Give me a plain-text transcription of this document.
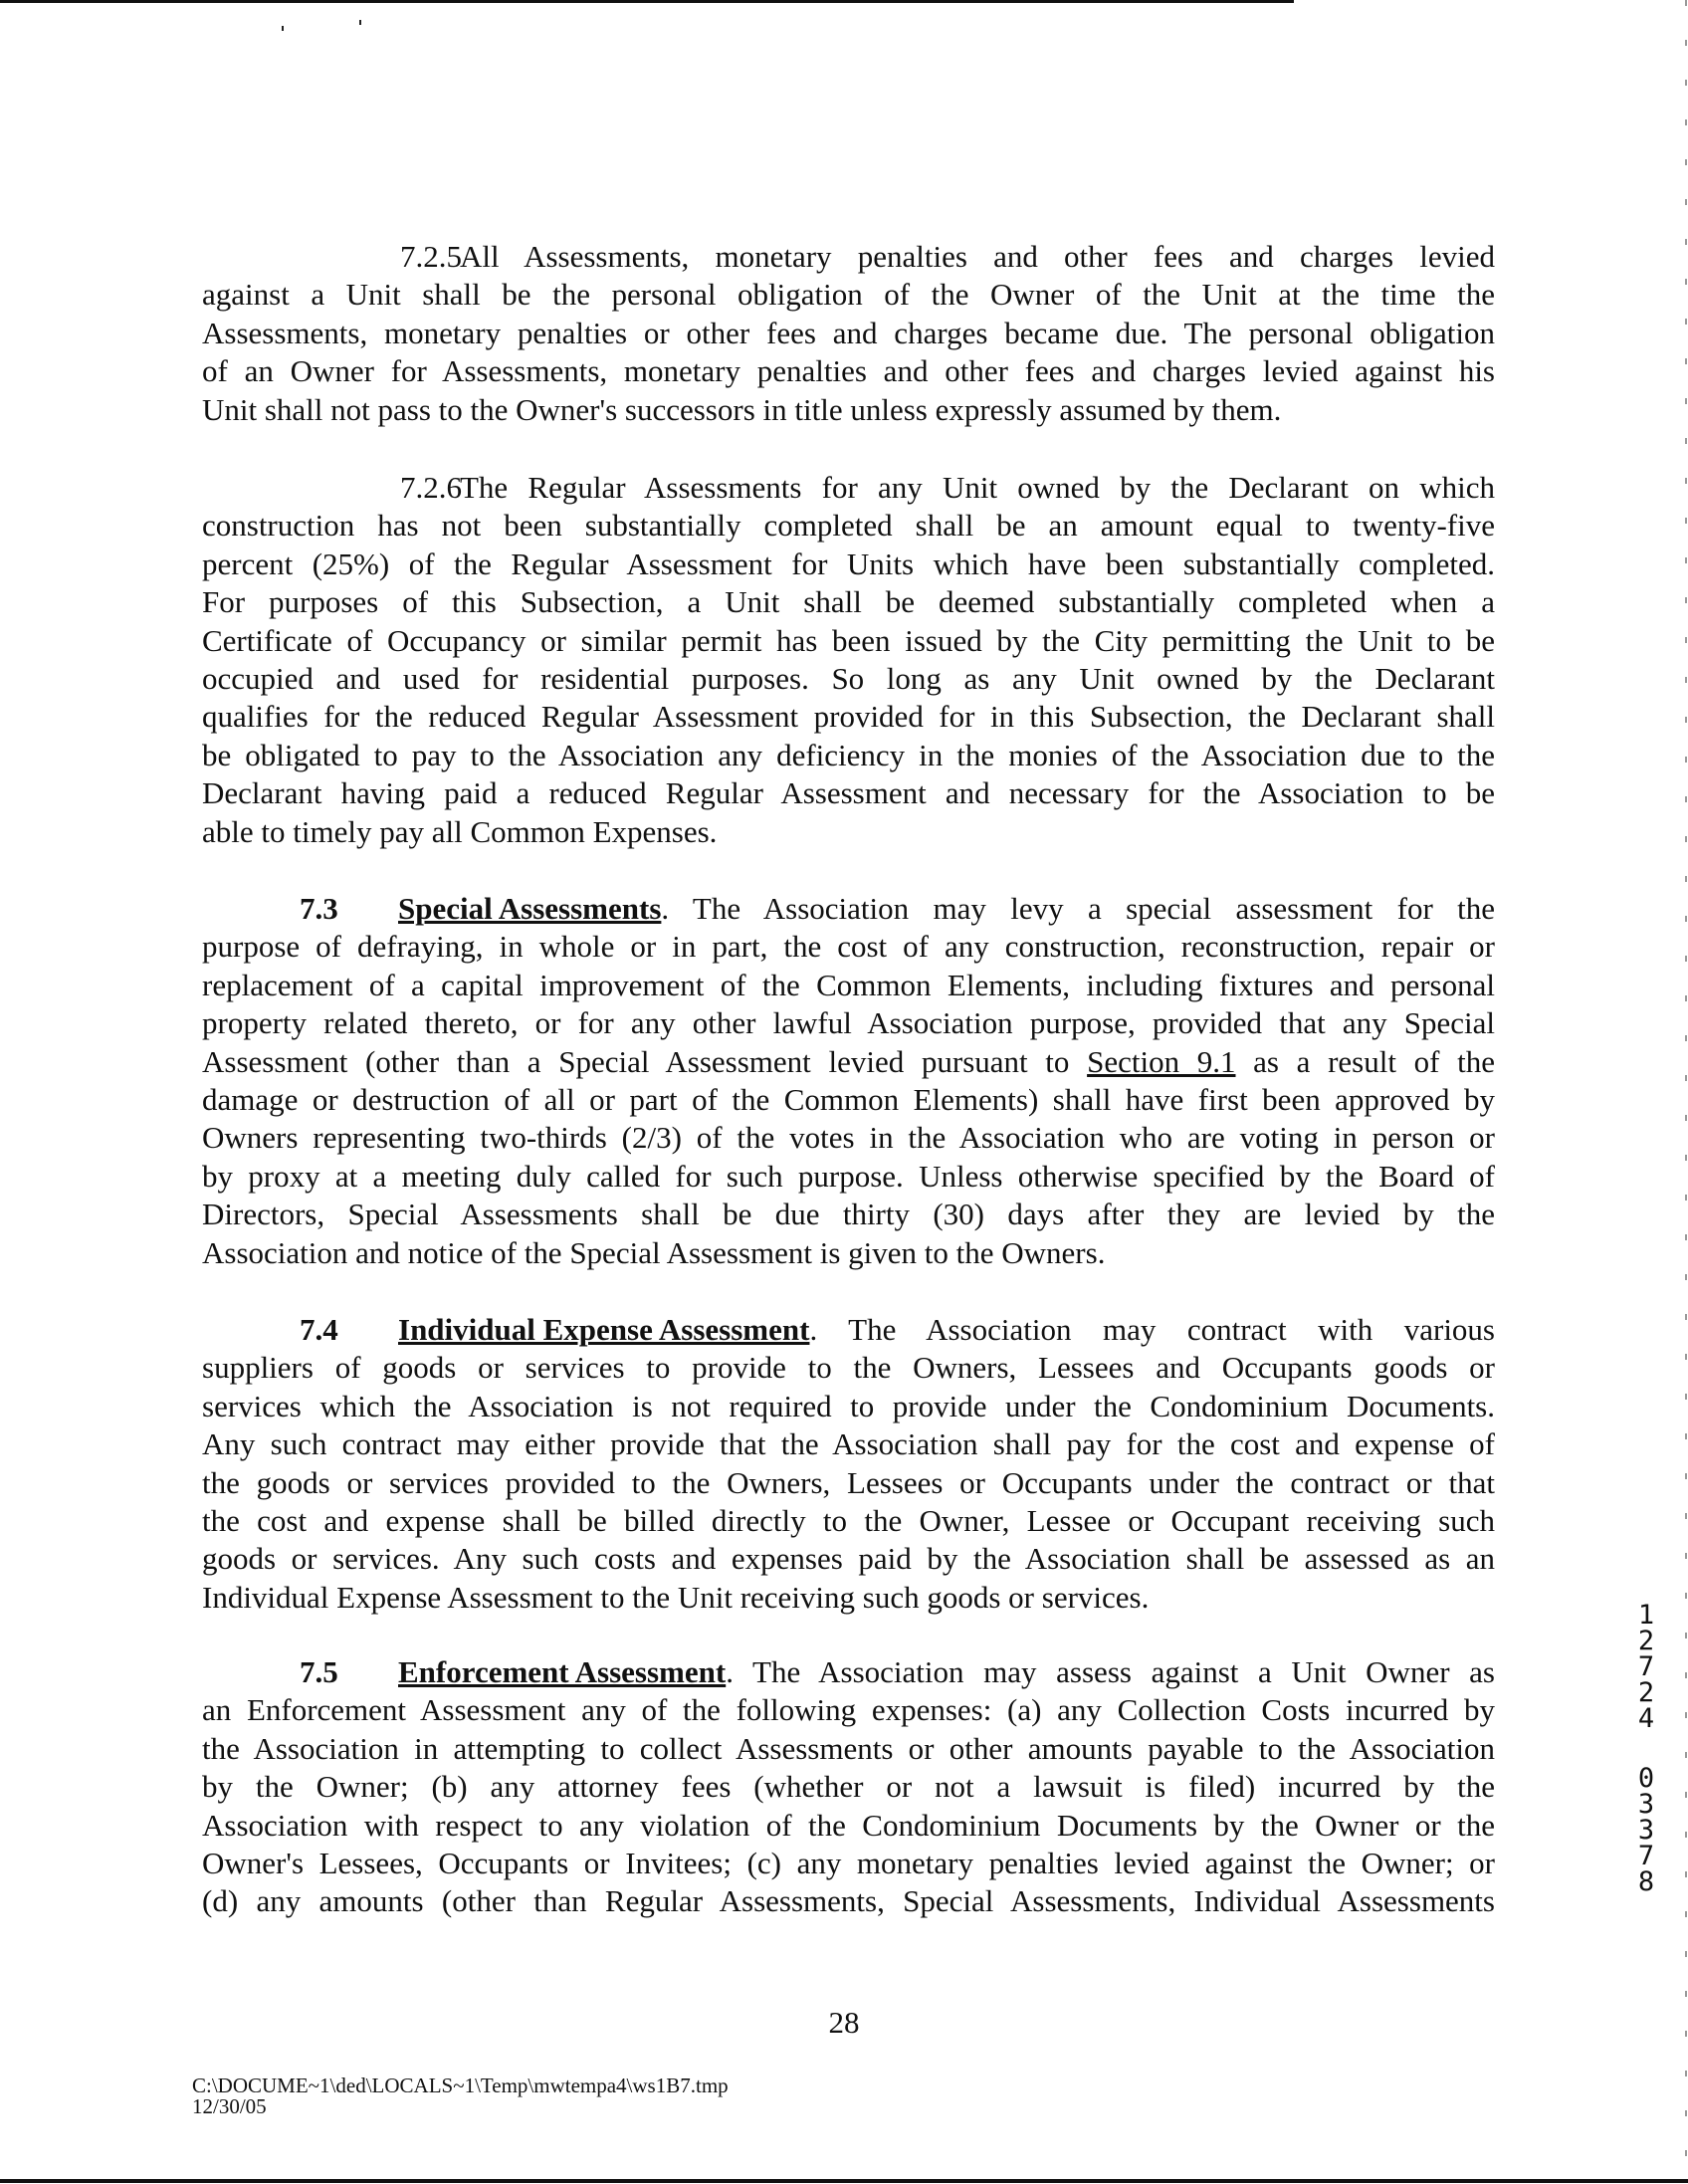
7.2.5
All Assessments, monetary penalties and other fees and charges levied
against a Unit shall be the personal obligation of the Owner of the Unit at the time the
Assessments, monetary penalties or other fees and charges became due. The personal obligation
of an Owner for Assessments, monetary penalties and other fees and charges levied against his
Unit shall not pass to the Owner's successors in title unless expressly assumed by them.
7.2.6
The Regular Assessments for any Unit owned by the Declarant on which
construction has not been substantially completed shall be an amount equal to twenty-five
percent (25%) of the Regular Assessment for Units which have been substantially completed.
For purposes of this Subsection, a Unit shall be deemed substantially completed when a
Certificate of Occupancy or similar permit has been issued by the City permitting the Unit to be
occupied and used for residential purposes. So long as any Unit owned by the Declarant
qualifies for the reduced Regular Assessment provided for in this Subsection, the Declarant shall
be obligated to pay to the Association any deficiency in the monies of the Association due to the
Declarant having paid a reduced Regular Assessment and necessary for the Association to be
able to timely pay all Common Expenses.
7.3	Special Assessments . The Association may levy a special assessment for the
purpose of defraying, in whole or in part, the cost of any construction, reconstruction, repair or
replacement of a capital improvement of the Common Elements, including fixtures and personal
property related thereto, or for any other lawful Association purpose, provided that any Special
Assessment (other than a Special Assessment levied pursuant to Section 9.1 as a result of the
damage or destruction of all or part of the Common Elements) shall have first been approved by
Owners representing two-thirds (2/3) of the votes in the Association who are voting in person or
by proxy at a meeting duly called for such purpose. Unless otherwise specified by the Board of
Directors, Special Assessments shall be due thirty (30) days after they are levied by the
Association and notice of the Special Assessment is given to the Owners.
7.4	Individual Expense Assessment . The Association may contract with various
suppliers of goods or services to provide to the Owners, Lessees and Occupants goods or
services which the Association is not required to provide under the Condominium Documents.
Any such contract may either provide that the Association shall pay for the cost and expense of
the goods or services provided to the Owners, Lessees or Occupants under the contract or that
the cost and expense shall be billed directly to the Owner, Lessee or Occupant receiving such
goods or services. Any such costs and expenses paid by the Association shall be assessed as an
Individual Expense Assessment to the Unit receiving such goods or services.
7.5	Enforcement Assessment . The Association may assess against a Unit Owner as
an Enforcement Assessment any of the following expenses: (a) any Collection Costs incurred by
the Association in attempting to collect Assessments or other amounts payable to the Association
by the Owner; (b) any attorney fees (whether or not a lawsuit is filed) incurred by the
Association with respect to any violation of the Condominium Documents by the Owner or the
Owner's Lessees, Occupants or Invitees; (c) any monetary penalties levied against the Owner; or
(d) any amounts (other than Regular Assessments, Special Assessments, Individual Assessments
28
C:\DOCUME~1\ded\LOCALS~1\Temp\mwtempa4\ws1B7.tmp
12/30/05
1
2
7
2
4
0
3
3
7
8
